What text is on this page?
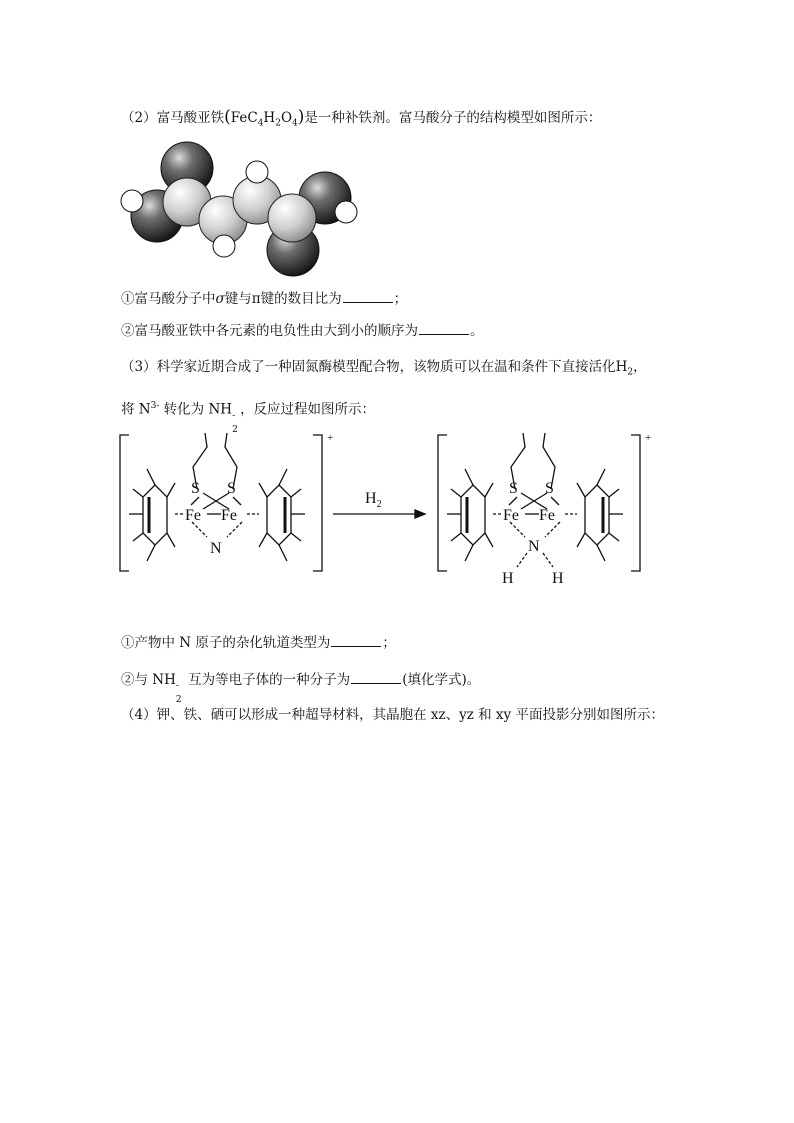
（2）富马酸亚铁$(FeC_4H_2O_4)$是一种补铁剂。富马酸分子的结构模型如图所示：
①富马酸分子中σ键与π键的数目比为	；
②富马酸亚铁中各元素的电负性由大到小的顺序为	。
（3）科学家近期合成了一种固氮酶模型配合物，该物质可以在温和条件下直接活化$H_2$，
将 $N^{3-}$ 转化为 NH -
2
，反应过程如图所示：
S S
Fe Fe
N
+
$H_2$
S S
Fe Fe
N
H H
+
①产物中 N 原子的杂化轨道类型为	；
②与 NH -
2
互为等电子体的一种分子为	(填化学式)。
（4）钾、铁、硒可以形成一种超导材料，其晶胞在 xz、yz 和 xy 平面投影分别如图所示：
